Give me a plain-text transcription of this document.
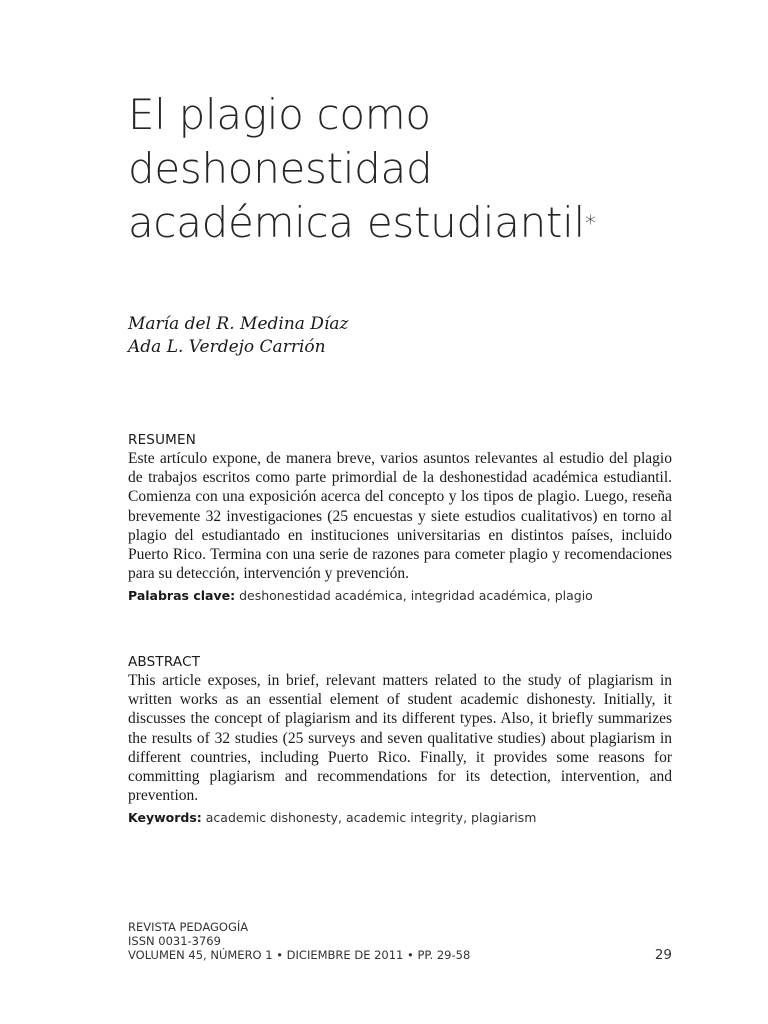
El plagio como
deshonestidad
académica estudiantil*
María del R. Medina Díaz
Ada L. Verdejo Carrión
RESUMEN

Este artículo expone, de manera breve, varios asuntos relevantes al estudio del plagio de trabajos escritos como parte primordial de la deshonestidad académica estudiantil. Comienza con una exposición acerca del concepto y los tipos de plagio. Luego, reseña brevemente 32 investigaciones (25 encuestas y siete estudios cualitativos) en torno al plagio del estudiantado en instituciones universitarias en distintos países, incluido Puerto Rico. Termina con una serie de razones para cometer plagio y recomendaciones para su detección, intervención y prevención.

Palabras clave: deshonestidad académica, integridad académica, plagio
ABSTRACT

This article exposes, in brief, relevant matters related to the study of plagiarism in written works as an essential element of student academic dishonesty. Initially, it discusses the concept of plagiarism and its different types. Also, it briefly summarizes the results of 32 studies (25 surveys and seven qualitative studies) about plagiarism in different countries, including Puerto Rico. Finally, it provides some reasons for committing plagiarism and recommendations for its detection, intervention, and prevention.

Keywords: academic dishonesty, academic integrity, plagiarism
REVISTA PEDAGOGÍA
ISSN 0031-3769
VOLUMEN 45, NÚMERO 1 • DICIEMBRE DE 2011 • PP. 29-58	29
